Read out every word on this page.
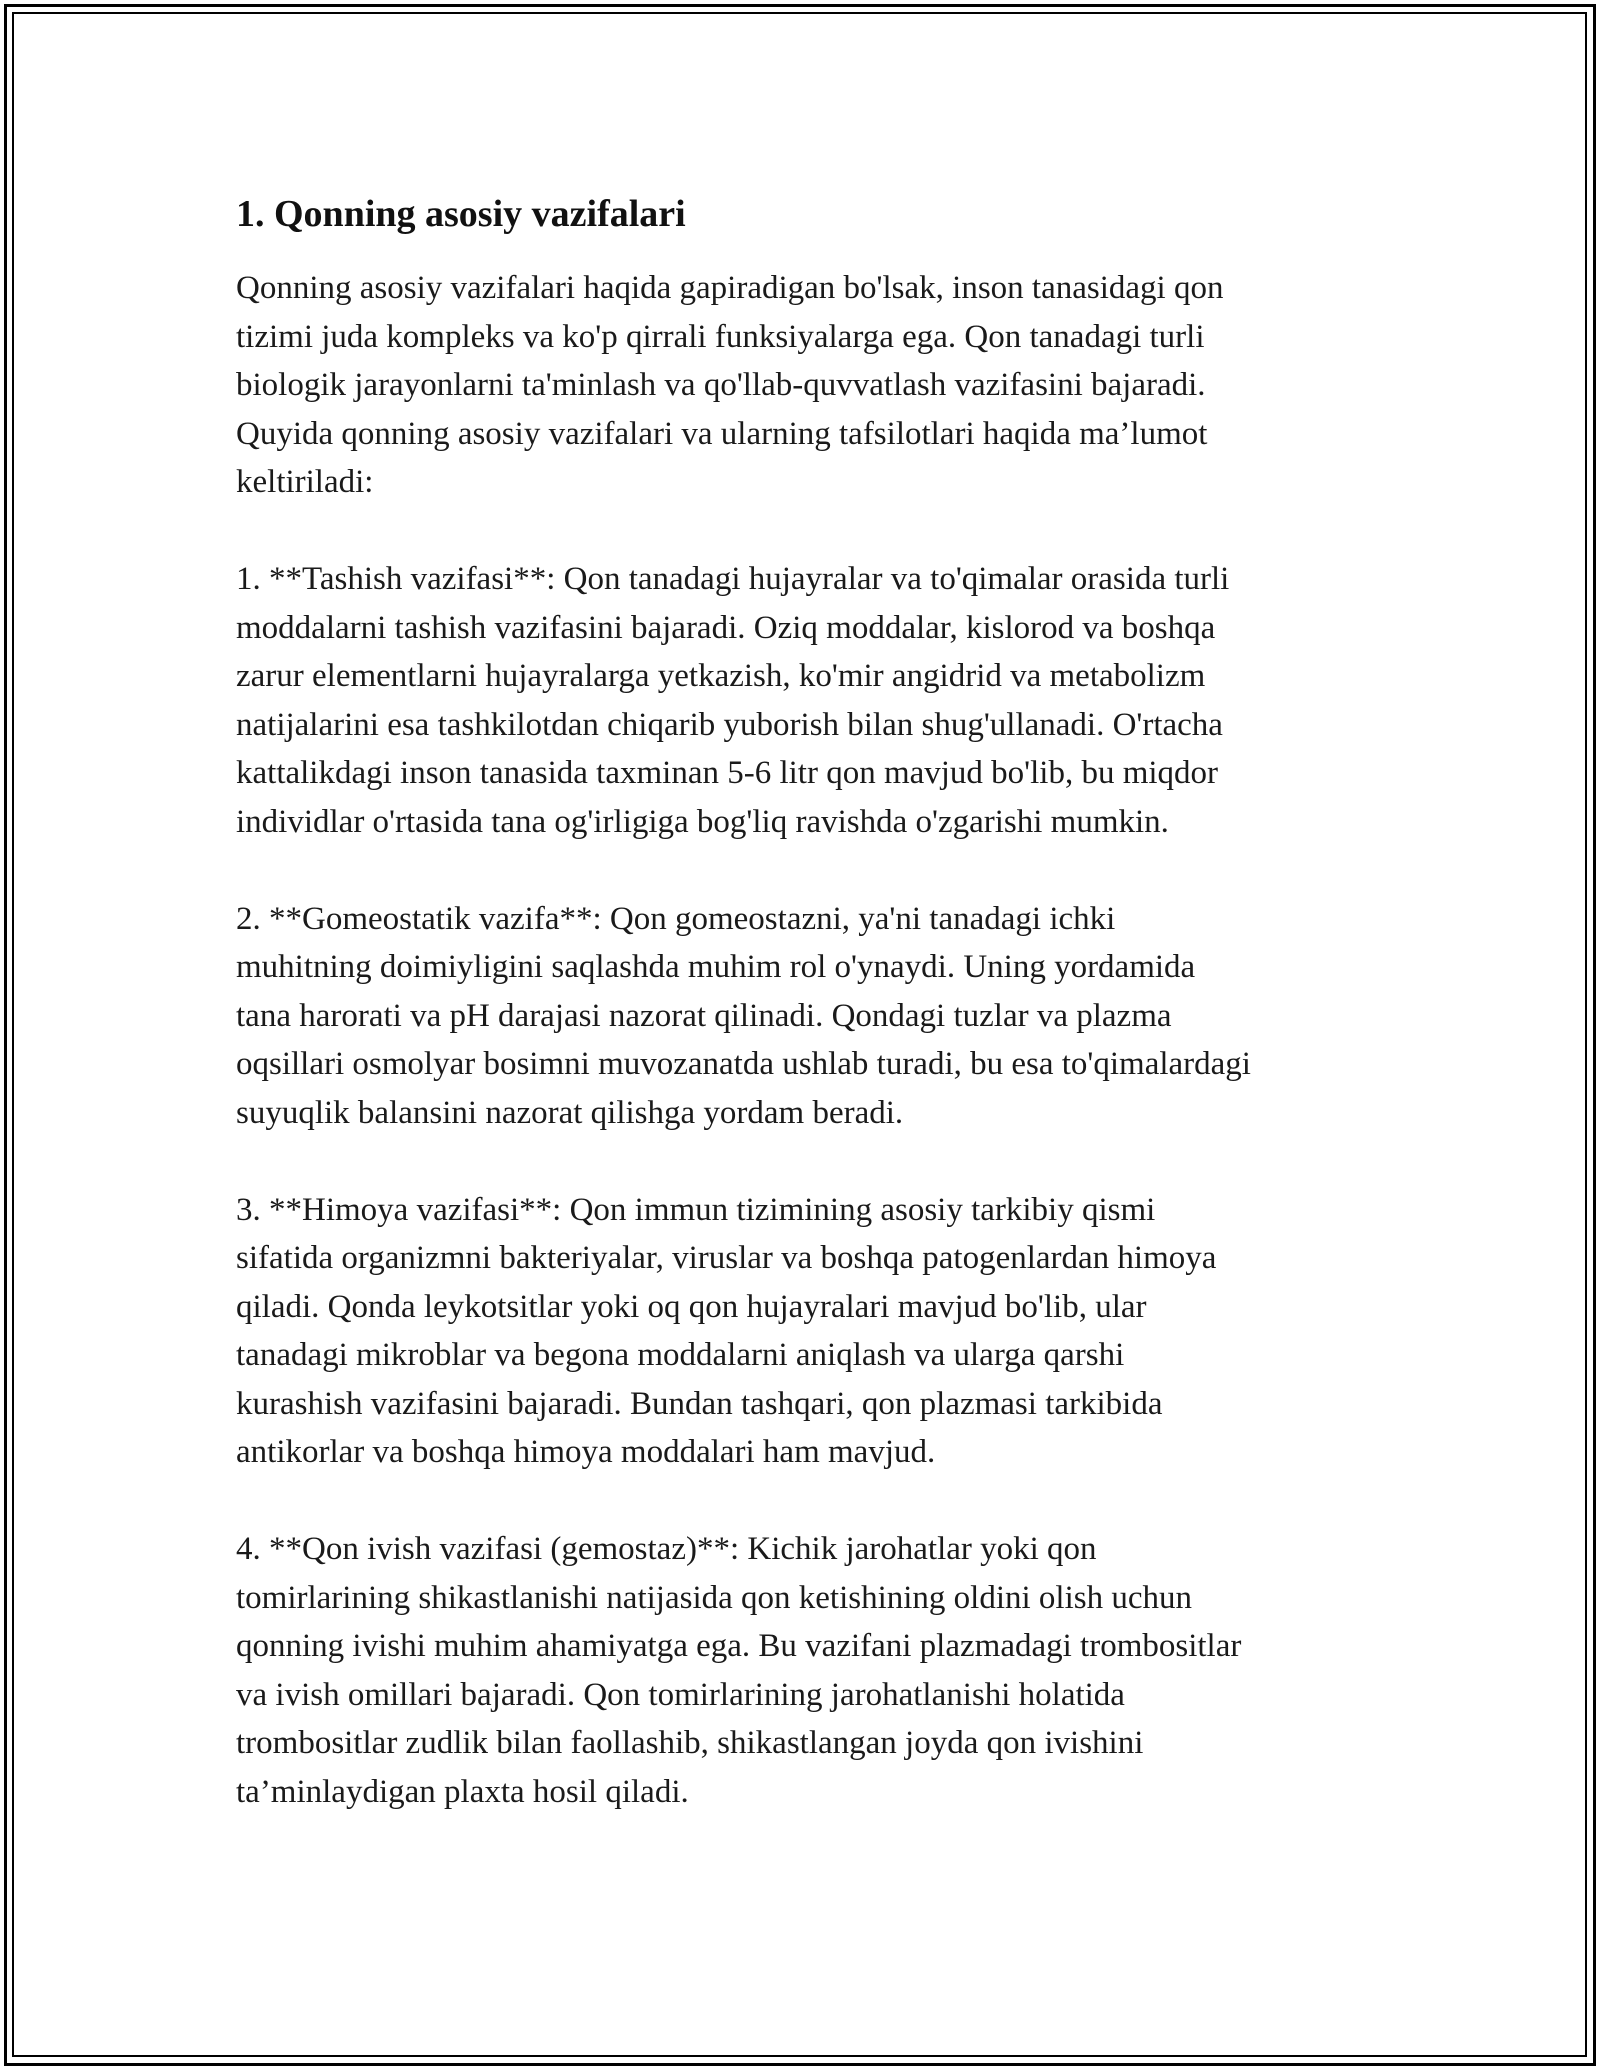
1. Qonning asosiy vazifalari
Qonning asosiy vazifalari haqida gapiradigan bo'lsak, inson tanasidagi qon
tizimi juda kompleks va ko'p qirrali funksiyalarga ega. Qon tanadagi turli
biologik jarayonlarni ta'minlash va qo'llab-quvvatlash vazifasini bajaradi.
Quyida qonning asosiy vazifalari va ularning tafsilotlari haqida ma’lumot
keltiriladi:
1. **Tashish vazifasi**: Qon tanadagi hujayralar va to'qimalar orasida turli
moddalarni tashish vazifasini bajaradi. Oziq moddalar, kislorod va boshqa
zarur elementlarni hujayralarga yetkazish, ko'mir angidrid va metabolizm
natijalarini esa tashkilotdan chiqarib yuborish bilan shug'ullanadi. O'rtacha
kattalikdagi inson tanasida taxminan 5-6 litr qon mavjud bo'lib, bu miqdor
individlar o'rtasida tana og'irligiga bog'liq ravishda o'zgarishi mumkin.
2. **Gomeostatik vazifa**: Qon gomeostazni, ya'ni tanadagi ichki
muhitning doimiyligini saqlashda muhim rol o'ynaydi. Uning yordamida
tana harorati va pH darajasi nazorat qilinadi. Qondagi tuzlar va plazma
oqsillari osmolyar bosimni muvozanatda ushlab turadi, bu esa to'qimalardagi
suyuqlik balansini nazorat qilishga yordam beradi.
3. **Himoya vazifasi**: Qon immun tizimining asosiy tarkibiy qismi
sifatida organizmni bakteriyalar, viruslar va boshqa patogenlardan himoya
qiladi. Qonda leykotsitlar yoki oq qon hujayralari mavjud bo'lib, ular
tanadagi mikroblar va begona moddalarni aniqlash va ularga qarshi
kurashish vazifasini bajaradi. Bundan tashqari, qon plazmasi tarkibida
antikorlar va boshqa himoya moddalari ham mavjud.
4. **Qon ivish vazifasi (gemostaz)**: Kichik jarohatlar yoki qon
tomirlarining shikastlanishi natijasida qon ketishining oldini olish uchun
qonning ivishi muhim ahamiyatga ega. Bu vazifani plazmadagi trombositlar
va ivish omillari bajaradi. Qon tomirlarining jarohatlanishi holatida
trombositlar zudlik bilan faollashib, shikastlangan joyda qon ivishini
ta’minlaydigan plaxta hosil qiladi.
